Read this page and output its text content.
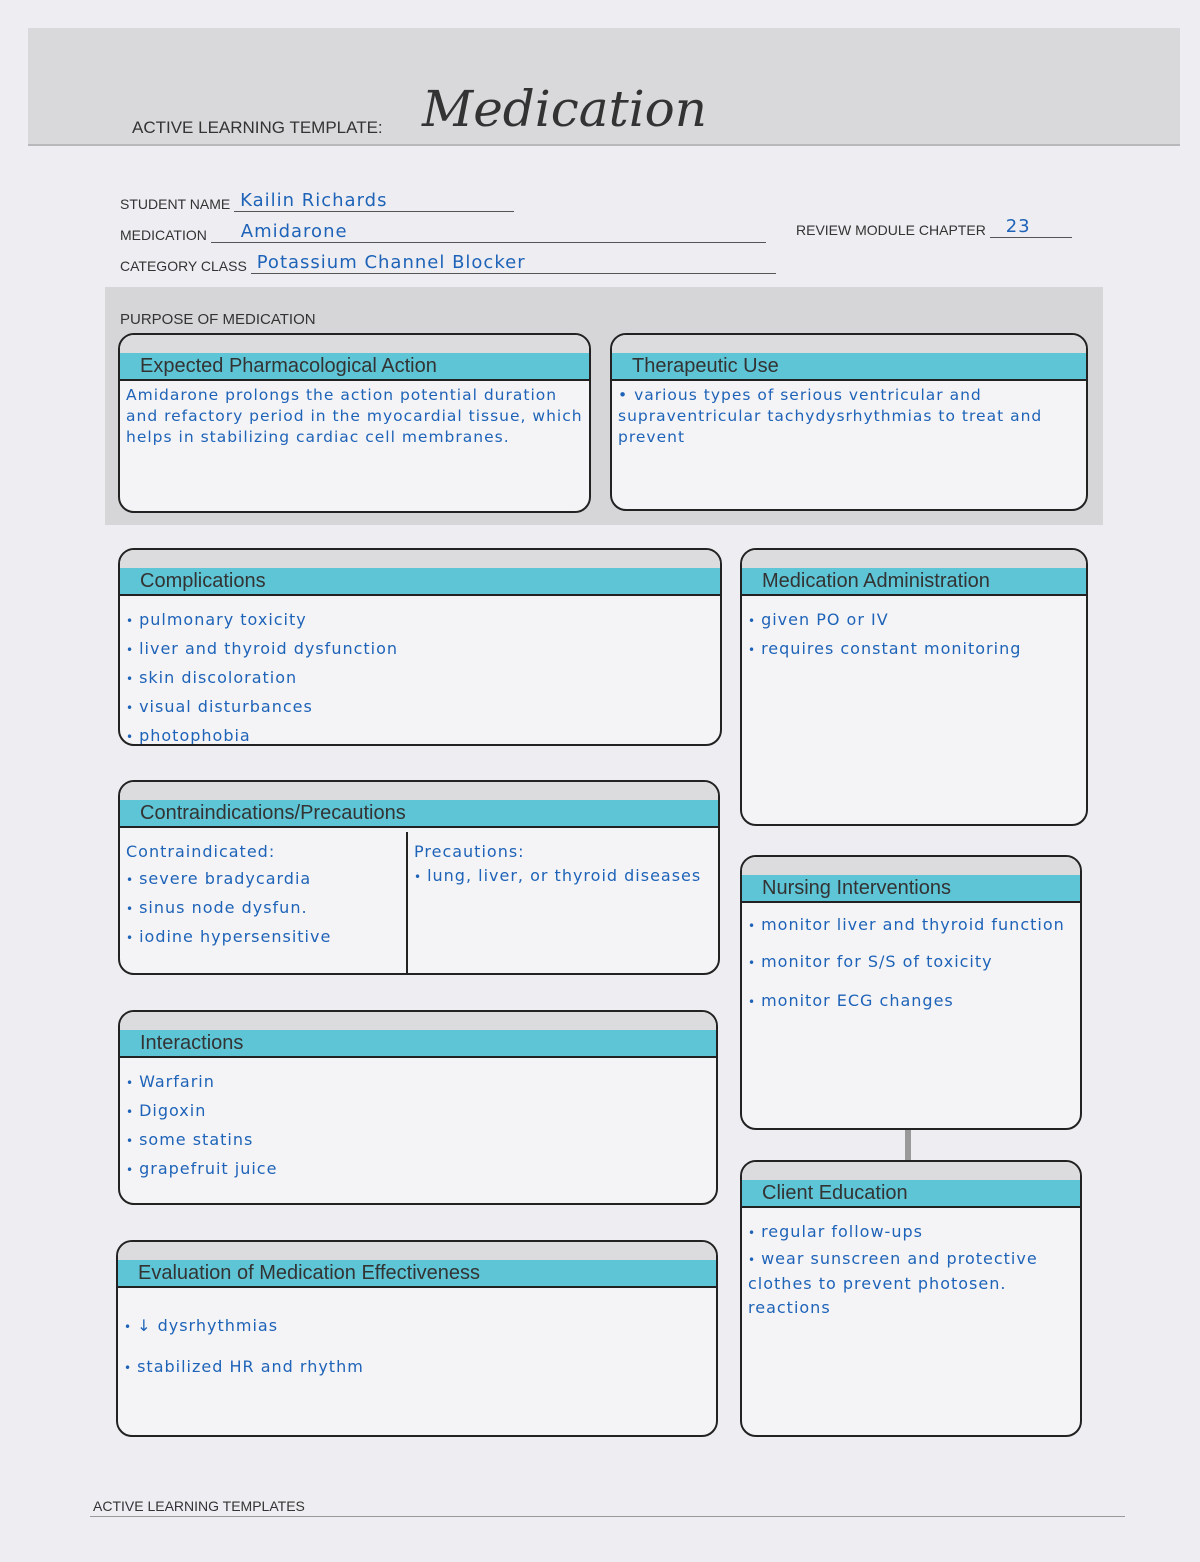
ACTIVE LEARNING TEMPLATE: Medication
STUDENT NAME Kailin Richards
MEDICATION Amidarone	REVIEW MODULE CHAPTER 23
CATEGORY CLASS Potassium Channel Blocker
PURPOSE OF MEDICATION
Expected Pharmacological Action

Amidarone prolongs the action potential duration and refactory period in the myocardial tissue, which helps in stabilizing cardiac cell membranes.

Therapeutic Use

• various types of serious ventricular and supraventricular tachydysrhythmias to treat and prevent

Complications
• pulmonary toxicity
• liver and thyroid dysfunction
• skin discoloration
• visual disturbances
• photophobia
Medication Administration
• given PO or IV
• requires constant monitoring
Contraindications/Precautions
Contraindicated:
• severe bradycardia
• sinus node dysfun.
• iodine hypersensitive
Precautions:
• lung, liver, or thyroid diseases
Nursing Interventions
• monitor liver and thyroid function
• monitor for S/S of toxicity
• monitor ECG changes
Interactions
• Warfarin
• Digoxin
• some statins
• grapefruit juice
Client Education
• regular follow-ups
• wear sunscreen and protective clothes to prevent photosen. reactions
Evaluation of Medication Effectiveness
• ↓ dysrhythmias
• stabilized HR and rhythm
ACTIVE LEARNING TEMPLATES
